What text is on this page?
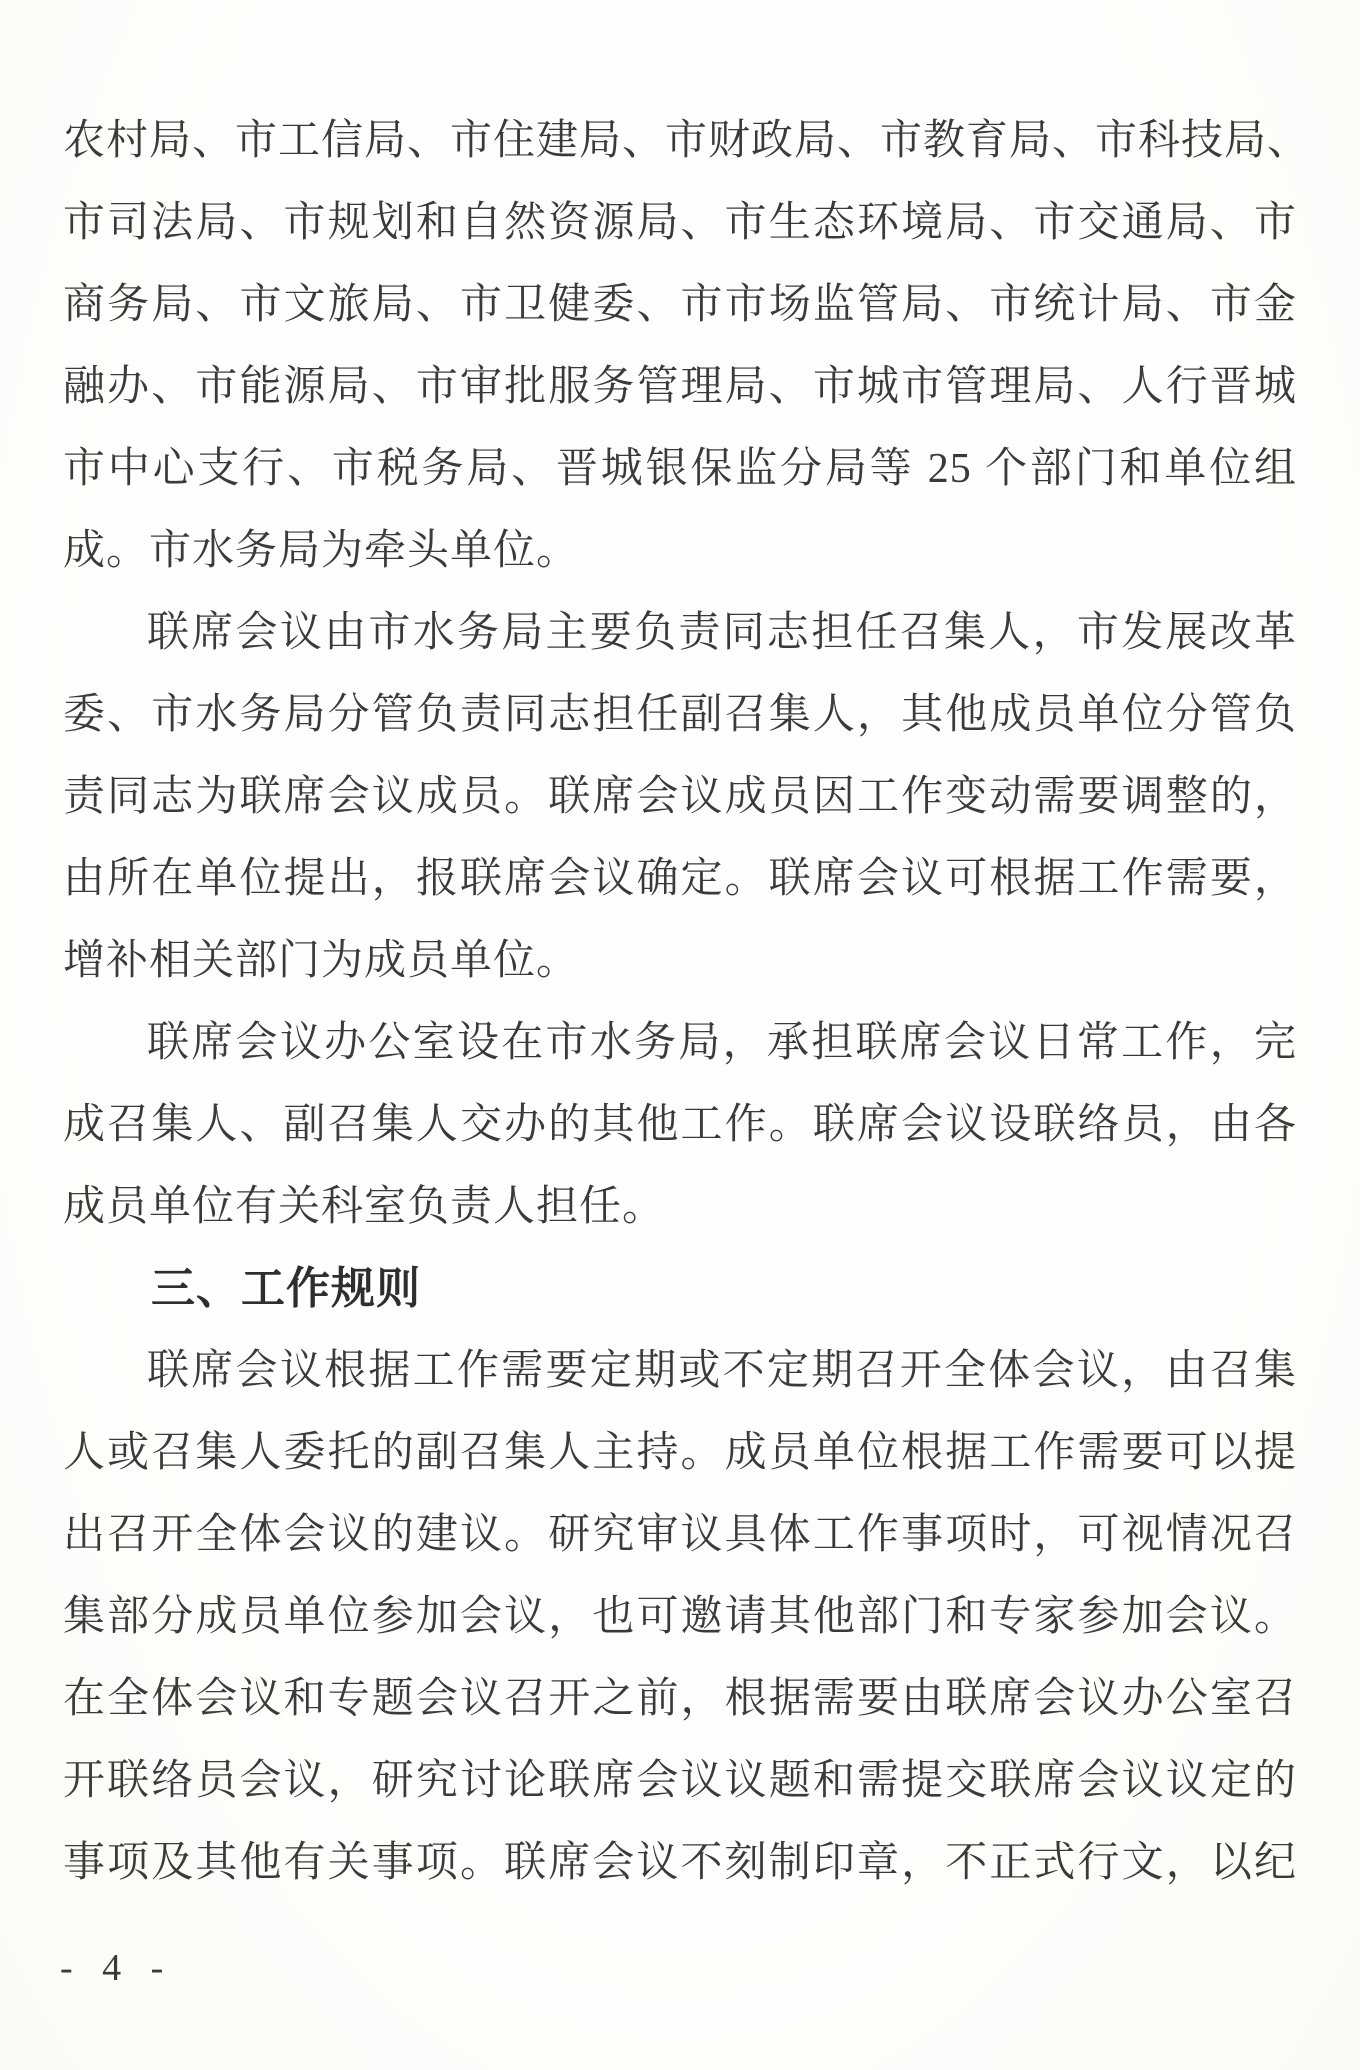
农村局、市工信局、市住建局、市财政局、市教育局、市科技局、
市司法局、市规划和自然资源局、市生态环境局、市交通局、市
商务局、市文旅局、市卫健委、市市场监管局、市统计局、市金
融办、市能源局、市审批服务管理局、市城市管理局、人行晋城
市中心支行、市税务局、晋城银保监分局等 25 个部门和单位组
成。市水务局为牵头单位。
联席会议由市水务局主要负责同志担任召集人，市发展改革
委、市水务局分管负责同志担任副召集人，其他成员单位分管负
责同志为联席会议成员。联席会议成员因工作变动需要调整的，
由所在单位提出，报联席会议确定。联席会议可根据工作需要，
增补相关部门为成员单位。
联席会议办公室设在市水务局，承担联席会议日常工作，完
成召集人、副召集人交办的其他工作。联席会议设联络员，由各
成员单位有关科室负责人担任。
三、工作规则
联席会议根据工作需要定期或不定期召开全体会议，由召集
人或召集人委托的副召集人主持。成员单位根据工作需要可以提
出召开全体会议的建议。研究审议具体工作事项时，可视情况召
集部分成员单位参加会议，也可邀请其他部门和专家参加会议。
在全体会议和专题会议召开之前，根据需要由联席会议办公室召
开联络员会议，研究讨论联席会议议题和需提交联席会议议定的
事项及其他有关事项。联席会议不刻制印章，不正式行文，以纪
- 4 -
